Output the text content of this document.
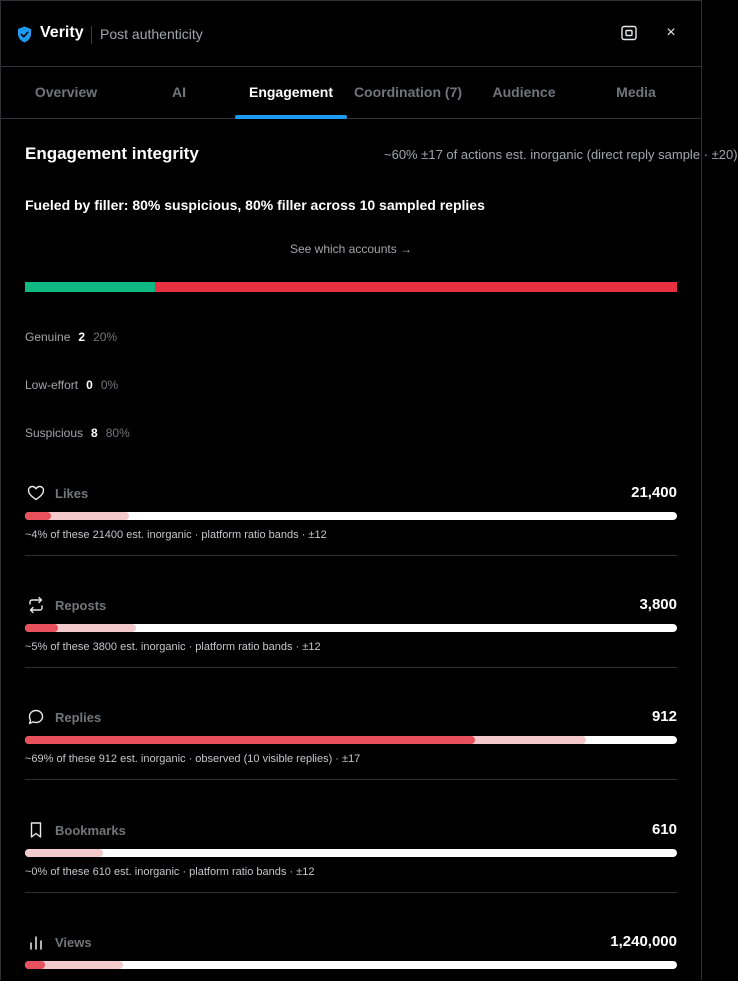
Verity Post authenticity	×
Overview	AI	Engagement	Coordination (7)	Audience	Media
Engagement integrity	~60% ±17 of actions est. inorganic (direct reply sample · ±20)
Fueled by filler: 80% suspicious, 80% filler across 10 sampled replies
See which accounts →
Genuine 2 20%
Low-effort 0 0%
Suspicious 8 80%
Likes	21,400
~4% of these 21400 est. inorganic · platform ratio bands · ±12
Reposts	3,800
~5% of these 3800 est. inorganic · platform ratio bands · ±12
Replies	912
~69% of these 912 est. inorganic · observed (10 visible replies) · ±17
Bookmarks	610
~0% of these 610 est. inorganic · platform ratio bands · ±12
Views	1,240,000
